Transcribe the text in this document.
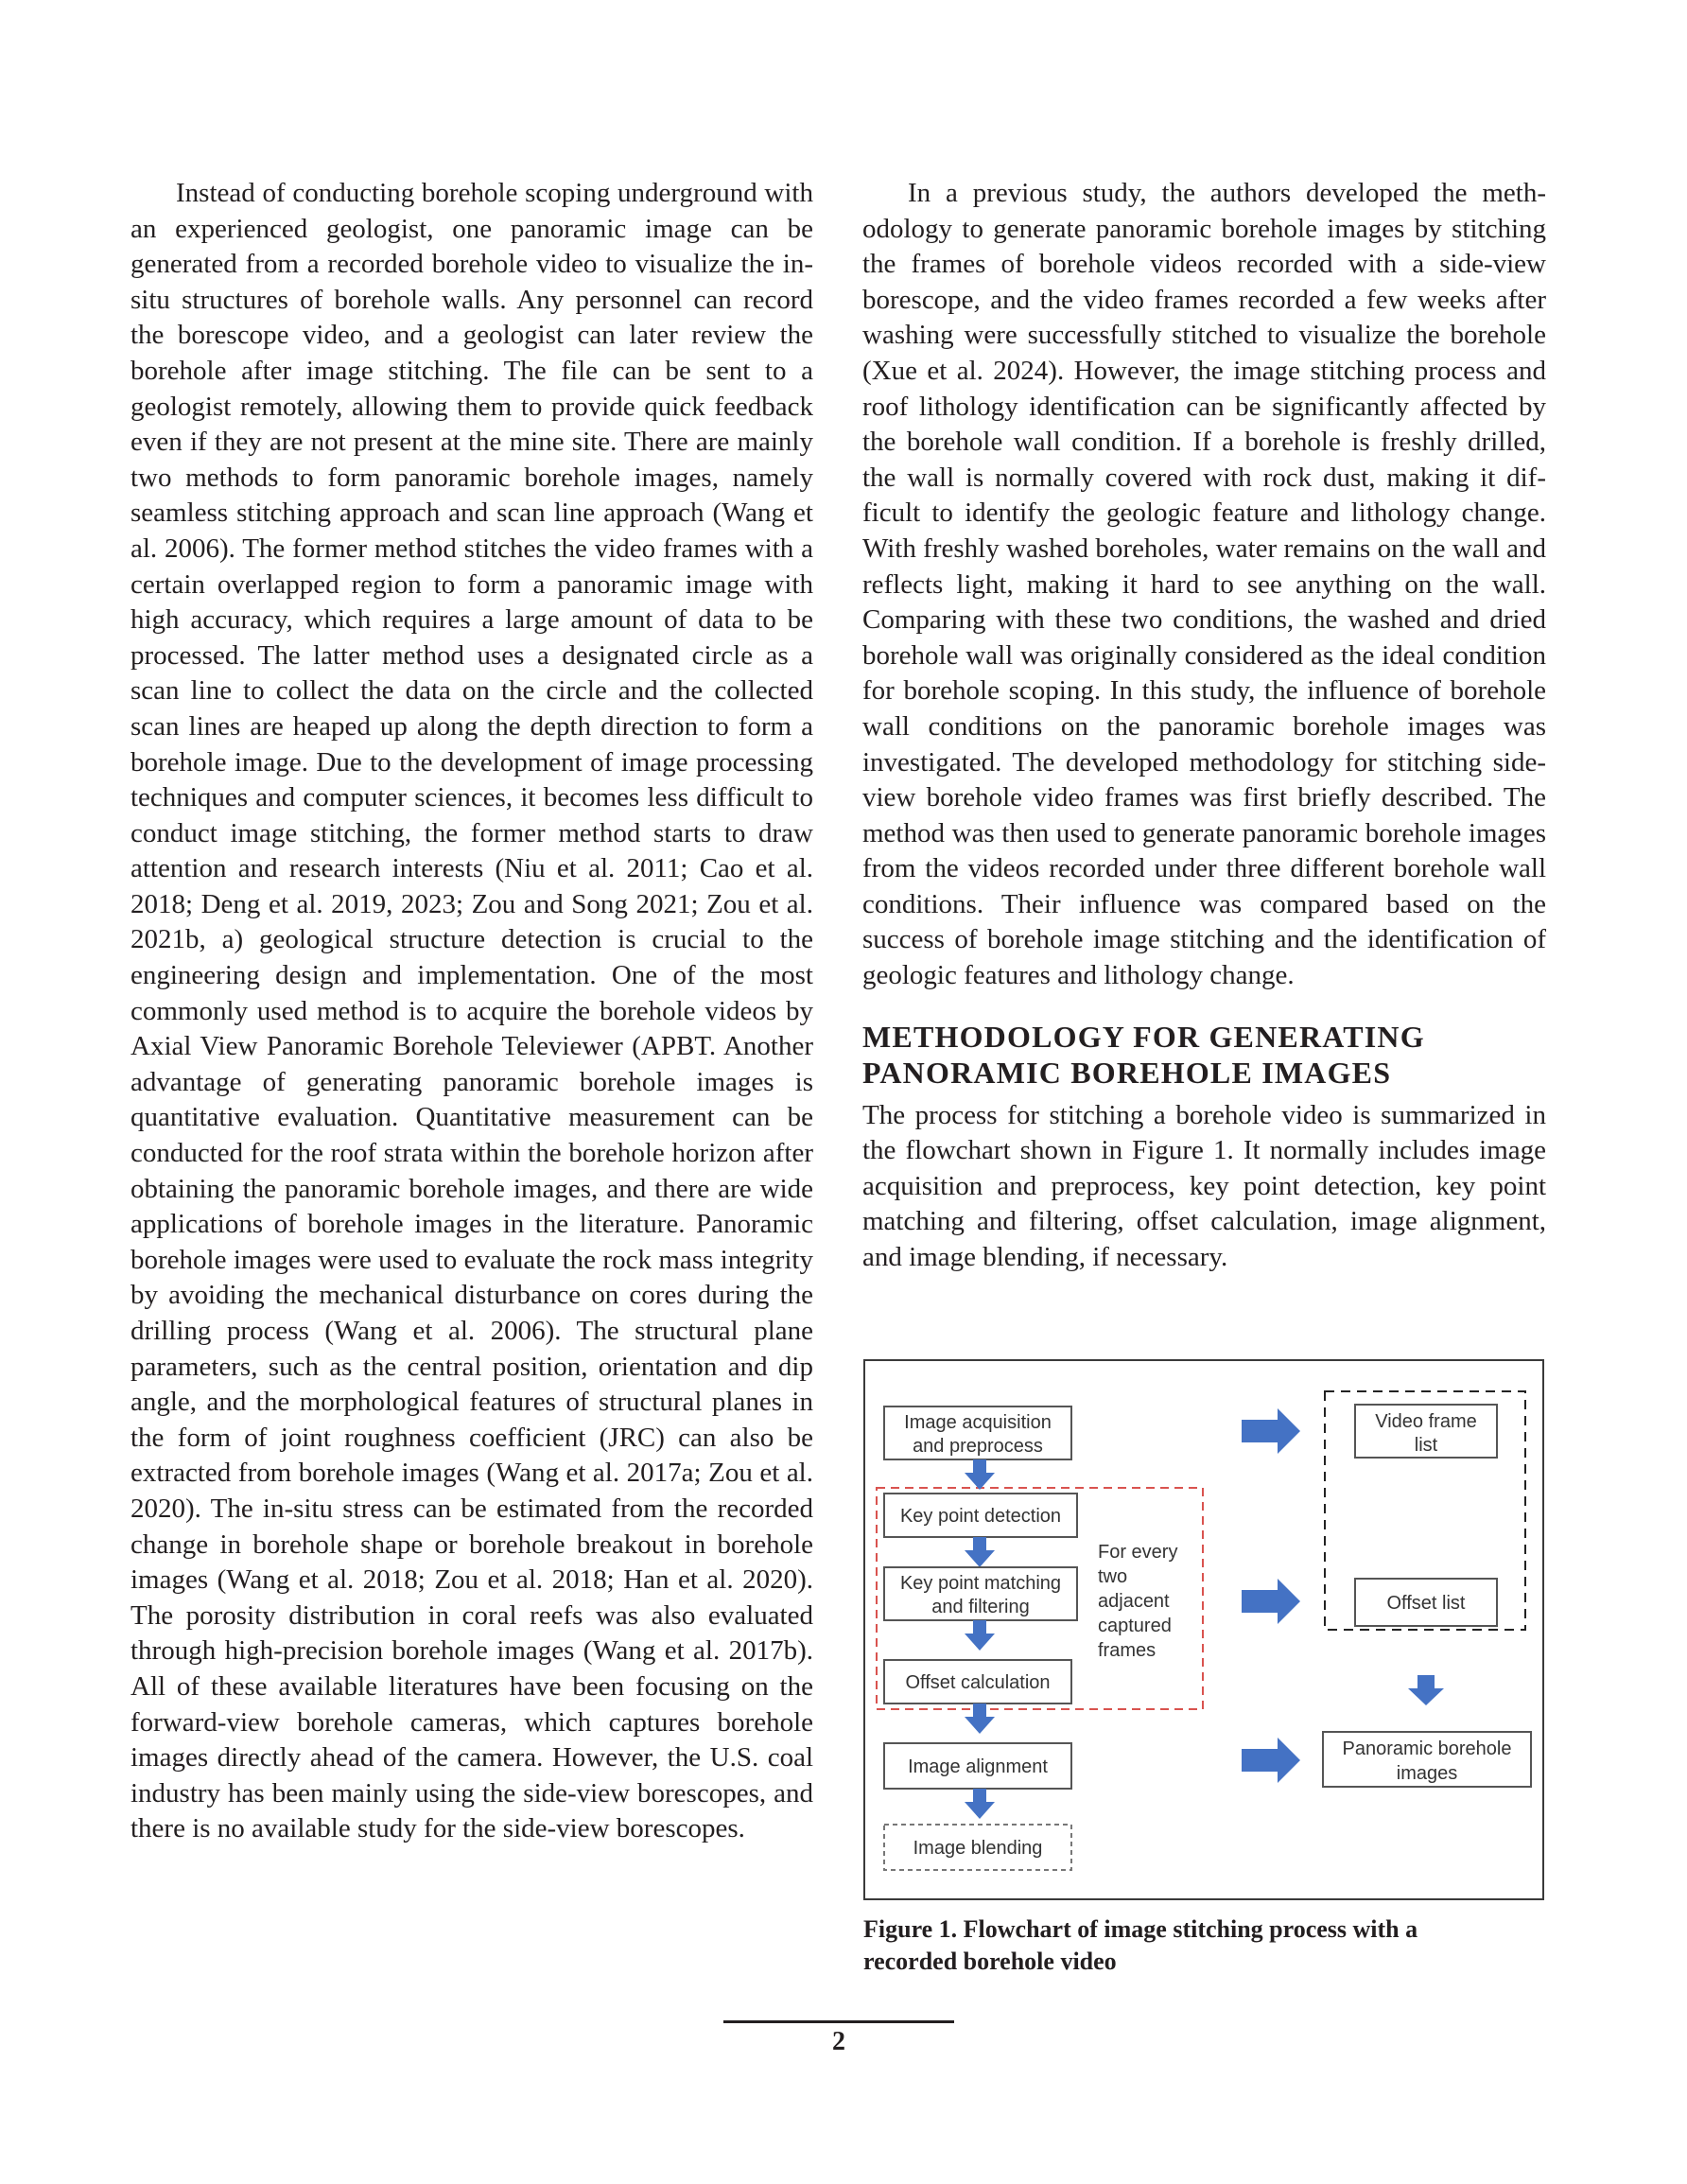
Instead of conducting borehole scoping underground with an experienced geologist, one panoramic image can be generated from a recorded borehole video to visualize the in-situ structures of borehole walls. Any personnel can record the borescope video, and a geologist can later review the borehole after image stitching. The file can be sent to a geologist remotely, allowing them to provide quick feedback even if they are not present at the mine site. There are mainly two methods to form panoramic borehole images, namely seamless stitching approach and scan line approach (Wang et al. 2006). The former method stitches the video frames with a certain overlapped region to form a panoramic image with high accuracy, which requires a large amount of data to be processed. The latter method uses a designated circle as a scan line to collect the data on the circle and the collected scan lines are heaped up along the depth direction to form a borehole image. Due to the development of image processing techniques and computer sciences, it becomes less difficult to conduct image stitching, the former method starts to draw attention and research interests (Niu et al. 2011; Cao et al. 2018; Deng et al. 2019, 2023; Zou and Song 2021; Zou et al. 2021b, a) geological structure detection is crucial to the engineering design and implementation. One of the most commonly used method is to acquire the borehole videos by Axial View Panoramic Borehole Televiewer (APBT. Another advantage of generating panoramic borehole images is quantitative evaluation. Quantitative measurement can be conducted for the roof strata within the borehole horizon after obtaining the panoramic borehole images, and there are wide applications of borehole images in the literature. Panoramic borehole images were used to evaluate the rock mass integrity by avoiding the mechanical disturbance on cores during the drilling process (Wang et al. 2006). The structural plane parameters, such as the central position, orientation and dip angle, and the morphological features of structural planes in the form of joint roughness coefficient (JRC) can also be extracted from borehole images (Wang et al. 2017a; Zou et al. 2020). The in-situ stress can be estimated from the recorded change in borehole shape or borehole breakout in borehole images (Wang et al. 2018; Zou et al. 2018; Han et al. 2020). The porosity distribution in coral reefs was also evaluated through high-precision borehole images (Wang et al. 2017b). All of these available literatures have been focusing on the forward-view borehole cameras, which captures borehole images directly ahead of the camera. However, the U.S. coal industry has been mainly using the side-view borescopes, and there is no available study for the side-view borescopes.

In a previous study, the authors developed the methodology to generate panoramic borehole images by stitching the frames of borehole videos recorded with a side-view borescope, and the video frames recorded a few weeks after washing were successfully stitched to visualize the borehole (Xue et al. 2024). However, the image stitching process and roof lithology identification can be significantly affected by the borehole wall condition. If a borehole is freshly drilled, the wall is normally covered with rock dust, making it difficult to identify the geologic feature and lithology change. With freshly washed boreholes, water remains on the wall and reflects light, making it hard to see anything on the wall. Comparing with these two conditions, the washed and dried borehole wall was originally considered as the ideal condition for borehole scoping. In this study, the influence of borehole wall conditions on the panoramic borehole images was investigated. The developed methodology for stitching side-view borehole video frames was first briefly described. The method was then used to generate panoramic borehole images from the videos recorded under three different borehole wall conditions. Their influence was compared based on the success of borehole image stitching and the identification of geologic features and lithology change.

METHODOLOGY FOR GENERATING
PANORAMIC BOREHOLE IMAGES

The process for stitching a borehole video is summarized in the flowchart shown in Figure 1. It normally includes image acquisition and preprocess, key point detection, key point matching and filtering, offset calculation, image alignment, and image blending, if necessary.

Image acquisition
and preprocess
Key point detection
Key point matching
and filtering
Offset calculation
Image alignment
Image blending
For every
two
adjacent
captured
frames
Video frame
list
Offset list
Panoramic borehole
images
Figure 1. Flowchart of image stitching process with a
recorded borehole video
2
